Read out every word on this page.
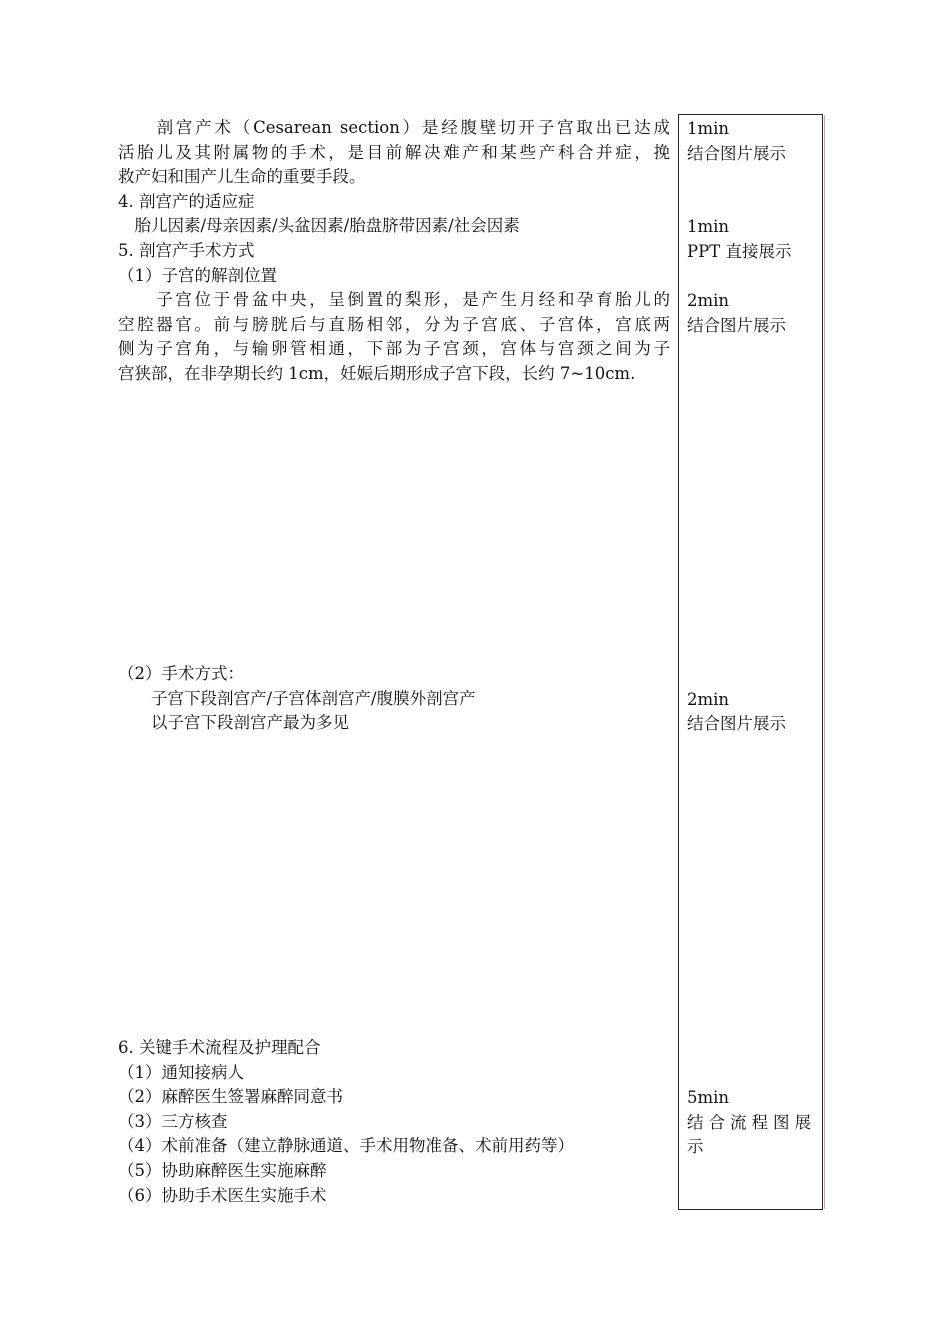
　　剖宫产术（Cesarean section）是经腹壁切开子宫取出已达成
活胎儿及其附属物的手术，是目前解决难产和某些产科合并症，挽
救产妇和围产儿生命的重要手段。
4. 剖宫产的适应症
　胎儿因素/母亲因素/头盆因素/胎盘脐带因素/社会因素
5. 剖宫产手术方式
（1）子宫的解剖位置
　　子宫位于骨盆中央，呈倒置的梨形，是产生月经和孕育胎儿的
空腔器官。前与膀胱后与直肠相邻，分为子宫底、子宫体，宫底两
侧为子宫角，与输卵管相通，下部为子宫颈，宫体与宫颈之间为子
宫狭部，在非孕期长约 1cm，妊娠后期形成子宫下段，长约 7~10cm.
（2）手术方式：
　　子宫下段剖宫产/子宫体剖宫产/腹膜外剖宫产
　　以子宫下段剖宫产最为多见
6. 关键手术流程及护理配合
（1）通知接病人
（2）麻醉医生签署麻醉同意书
（3）三方核查
（4）术前准备（建立静脉通道、手术用物准备、术前用药等）
（5）协助麻醉医生实施麻醉
（6）协助手术医生实施手术
1min
结合图片展示
1min
PPT 直接展示
2min
结合图片展示
2min
结合图片展示
5min
结合流程图展
示
